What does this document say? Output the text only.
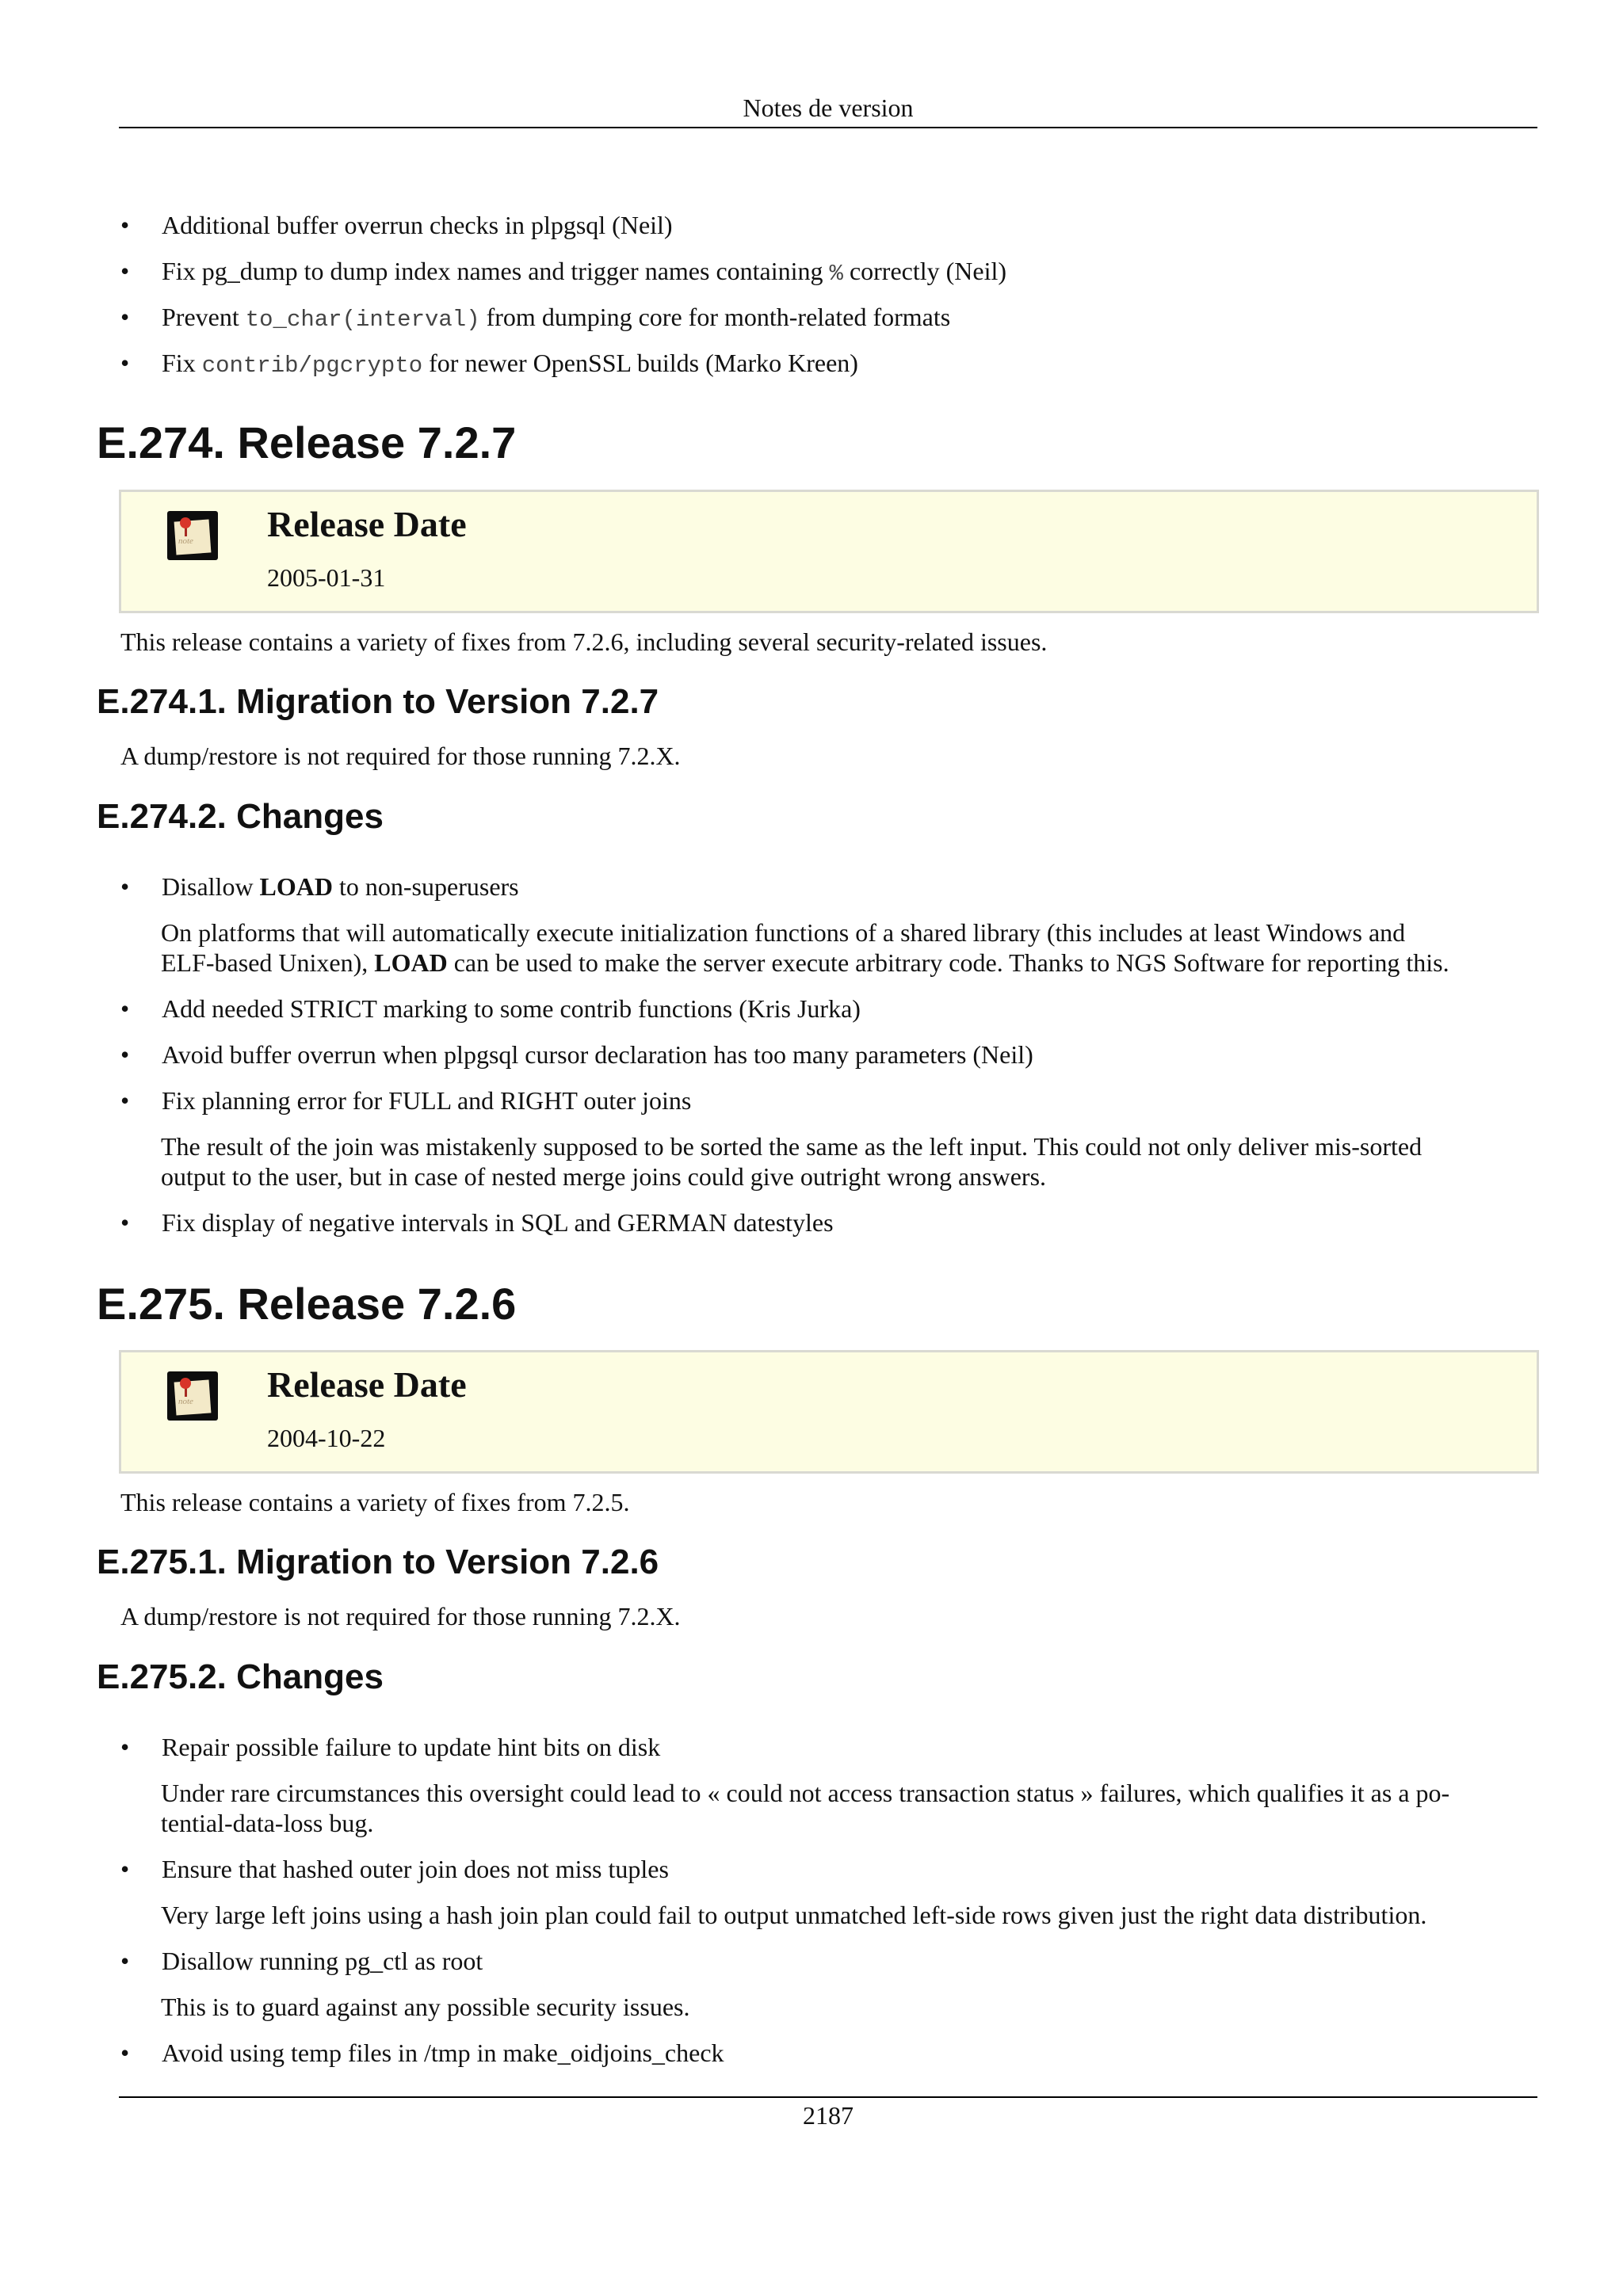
Notes de version
• Additional buffer overrun checks in plpgsql (Neil)
• Fix pg_dump to dump index names and trigger names containing % correctly (Neil)
• Prevent to_char(interval) from dumping core for month-related formats
• Fix contrib/pgcrypto for newer OpenSSL builds (Marko Kreen)
E.274. Release 7.2.7
note Release Date
2005-01-31
This release contains a variety of fixes from 7.2.6, including several security-related issues.
E.274.1. Migration to Version 7.2.7
A dump/restore is not required for those running 7.2.X.
E.274.2. Changes
• Disallow LOAD to non-superusers
On platforms that will automatically execute initialization functions of a shared library (this includes at least Windows and
ELF-based Unixen), LOAD can be used to make the server execute arbitrary code. Thanks to NGS Software for reporting this.
• Add needed STRICT marking to some contrib functions (Kris Jurka)
• Avoid buffer overrun when plpgsql cursor declaration has too many parameters (Neil)
• Fix planning error for FULL and RIGHT outer joins
The result of the join was mistakenly supposed to be sorted the same as the left input. This could not only deliver mis-sorted
output to the user, but in case of nested merge joins could give outright wrong answers.
• Fix display of negative intervals in SQL and GERMAN datestyles
E.275. Release 7.2.6
note Release Date
2004-10-22
This release contains a variety of fixes from 7.2.5.
E.275.1. Migration to Version 7.2.6
A dump/restore is not required for those running 7.2.X.
E.275.2. Changes
• Repair possible failure to update hint bits on disk
Under rare circumstances this oversight could lead to « could not access transaction status » failures, which qualifies it as a po-
tential-data-loss bug.
• Ensure that hashed outer join does not miss tuples
Very large left joins using a hash join plan could fail to output unmatched left-side rows given just the right data distribution.
• Disallow running pg_ctl as root
This is to guard against any possible security issues.
• Avoid using temp files in /tmp in make_oidjoins_check
2187
